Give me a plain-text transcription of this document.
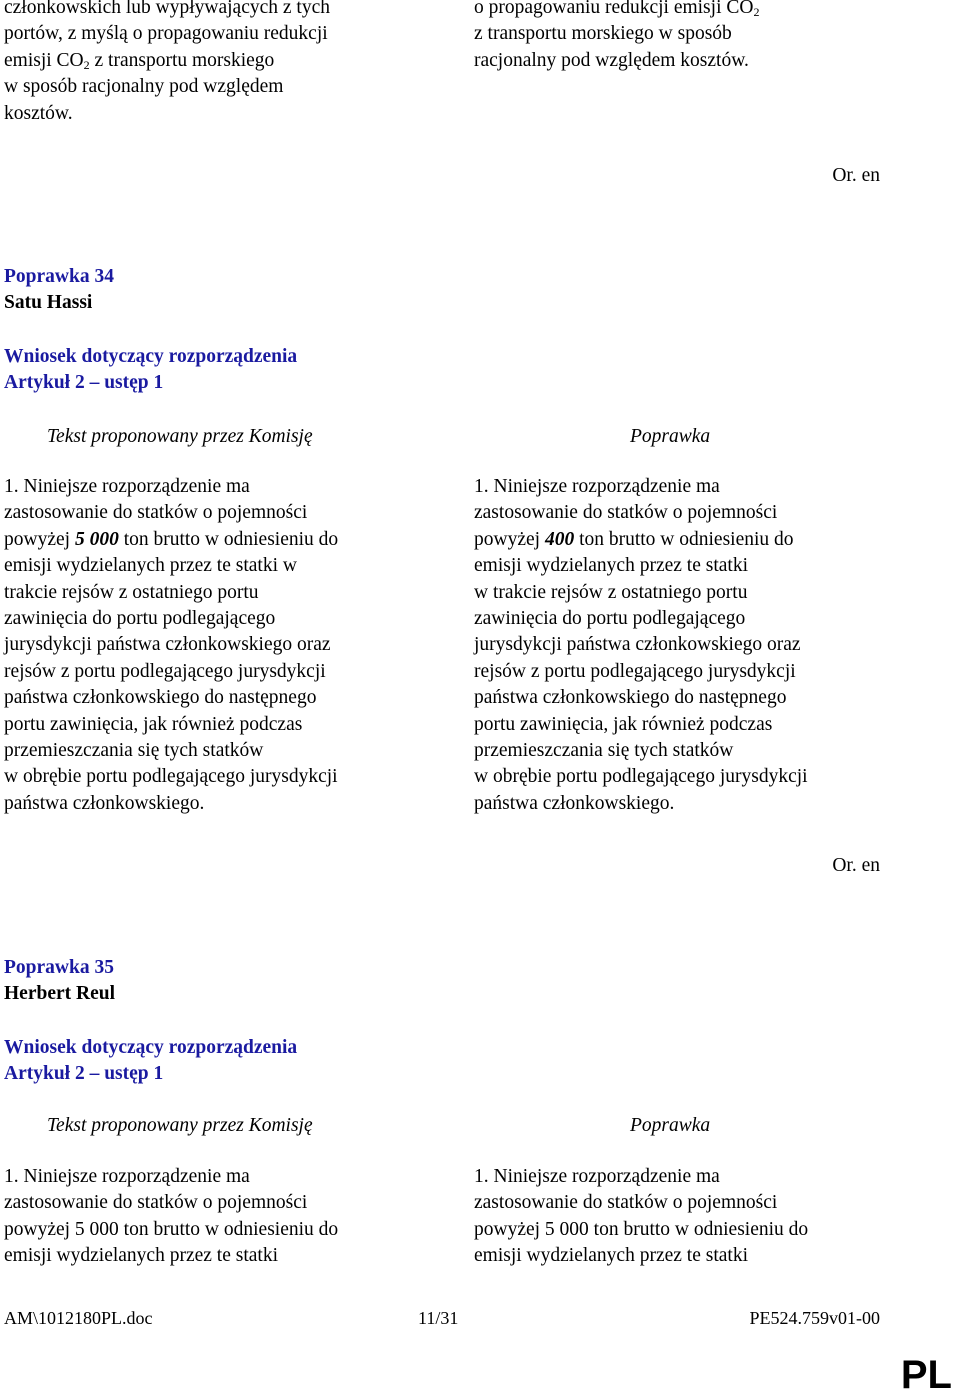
członkowskich lub wypływających z tych
portów, z myślą o propagowaniu redukcji
emisji $CO_2$ z transportu morskiego
w sposób racjonalny pod względem
kosztów.
o propagowaniu redukcji emisji $CO_2$
z transportu morskiego w sposób
racjonalny pod względem kosztów.
Or. en
Poprawka 34
Satu Hassi
Wniosek dotyczący rozporządzenia
Artykuł 2 – ustęp 1
Tekst proponowany przez Komisję	Poprawka
1. Niniejsze rozporządzenie ma
zastosowanie do statków o pojemności
powyżej 5 000 ton brutto w odniesieniu do
emisji wydzielanych przez te statki w
trakcie rejsów z ostatniego portu
zawinięcia do portu podlegającego
jurysdykcji państwa członkowskiego oraz
rejsów z portu podlegającego jurysdykcji
państwa członkowskiego do następnego
portu zawinięcia, jak również podczas
przemieszczania się tych statków
w obrębie portu podlegającego jurysdykcji
państwa członkowskiego.
1. Niniejsze rozporządzenie ma
zastosowanie do statków o pojemności
powyżej 400 ton brutto w odniesieniu do
emisji wydzielanych przez te statki
w trakcie rejsów z ostatniego portu
zawinięcia do portu podlegającego
jurysdykcji państwa członkowskiego oraz
rejsów z portu podlegającego jurysdykcji
państwa członkowskiego do następnego
portu zawinięcia, jak również podczas
przemieszczania się tych statków
w obrębie portu podlegającego jurysdykcji
państwa członkowskiego.
Or. en
Poprawka 35
Herbert Reul
Wniosek dotyczący rozporządzenia
Artykuł 2 – ustęp 1
Tekst proponowany przez Komisję	Poprawka
1. Niniejsze rozporządzenie ma
zastosowanie do statków o pojemności
powyżej 5 000 ton brutto w odniesieniu do
emisji wydzielanych przez te statki
1. Niniejsze rozporządzenie ma
zastosowanie do statków o pojemności
powyżej 5 000 ton brutto w odniesieniu do
emisji wydzielanych przez te statki
AM\1012180PL.doc	11/31	PE524.759v01-00
PL
